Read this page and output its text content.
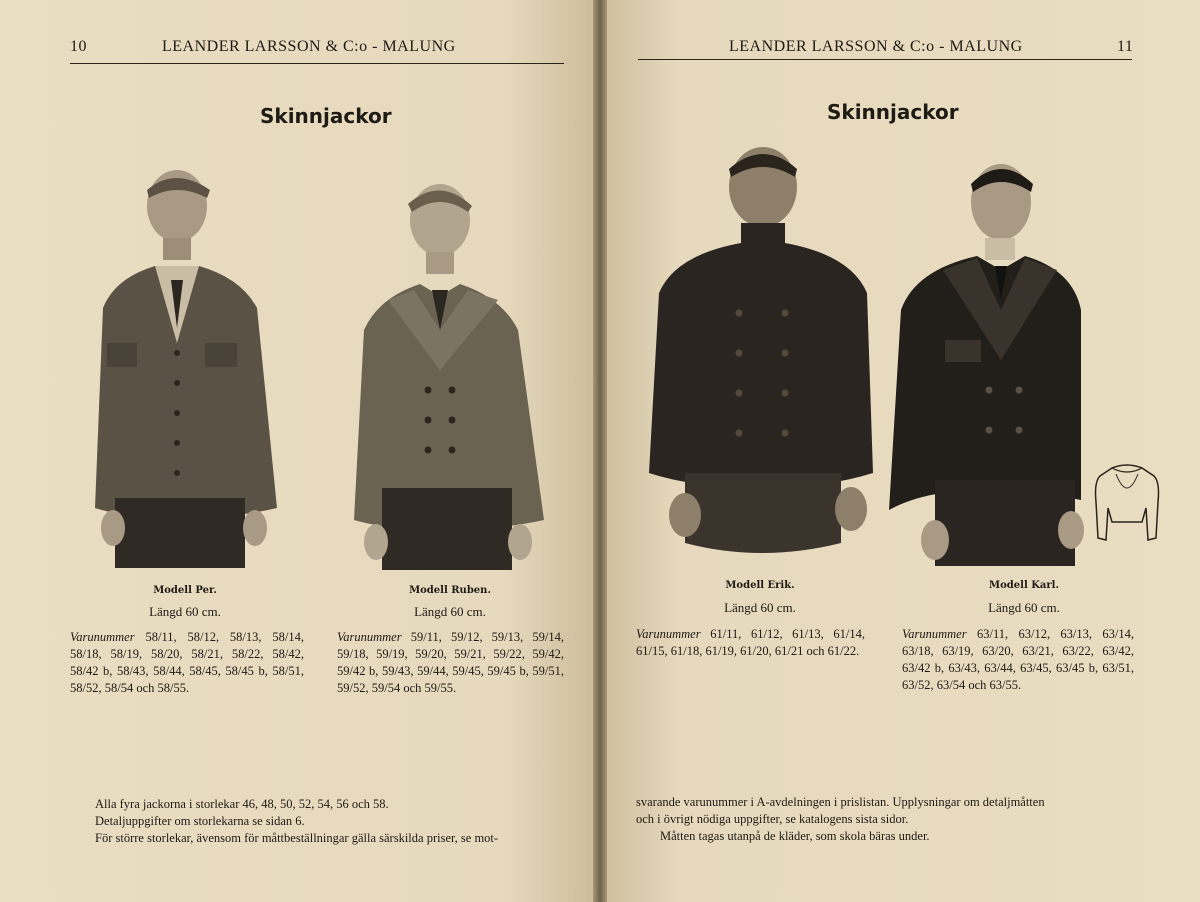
10	LEANDER LARSSON & C:o - MALUNG
Skinnjackor
Modell Per.
Längd 60 cm.
Varunummer 58/11, 58/12, 58/13, 58/14, 58/18, 58/19, 58/20, 58/21, 58/22, 58/42, 58/42 b, 58/43, 58/44, 58/45, 58/45 b, 58/51, 58/52, 58/54 och 58/55.
Modell Ruben.
Längd 60 cm.
Varunummer 59/11, 59/12, 59/13, 59/14, 59/18, 59/19, 59/20, 59/21, 59/22, 59/42, 59/42 b, 59/43, 59/44, 59/45, 59/45 b, 59/51, 59/52, 59/54 och 59/55.

Alla fyra jackorna i storlekar 46, 48, 50, 52, 54, 56 och 58.

Detaljuppgifter om storlekarna se sidan 6.

För större storlekar, ävensom för måttbeställningar gälla särskilda priser, se mot-

LEANDER LARSSON & C:o - MALUNG	11
Skinnjackor
Modell Erik.
Längd 60 cm.
Varunummer 61/11, 61/12, 61/13, 61/14, 61/15, 61/18, 61/19, 61/20, 61/21 och 61/22.
Modell Karl.
Längd 60 cm.
Varunummer 63/11, 63/12, 63/13, 63/14, 63/18, 63/19, 63/20, 63/21, 63/22, 63/42, 63/42 b, 63/43, 63/44, 63/45, 63/45 b, 63/51, 63/52, 63/54 och 63/55.

svarande varunummer i A-avdelningen i prislistan. Upplysningar om detaljmåtten

och i övrigt nödiga uppgifter, se katalogens sista sidor.

Måtten tagas utanpå de kläder, som skola bäras under.
